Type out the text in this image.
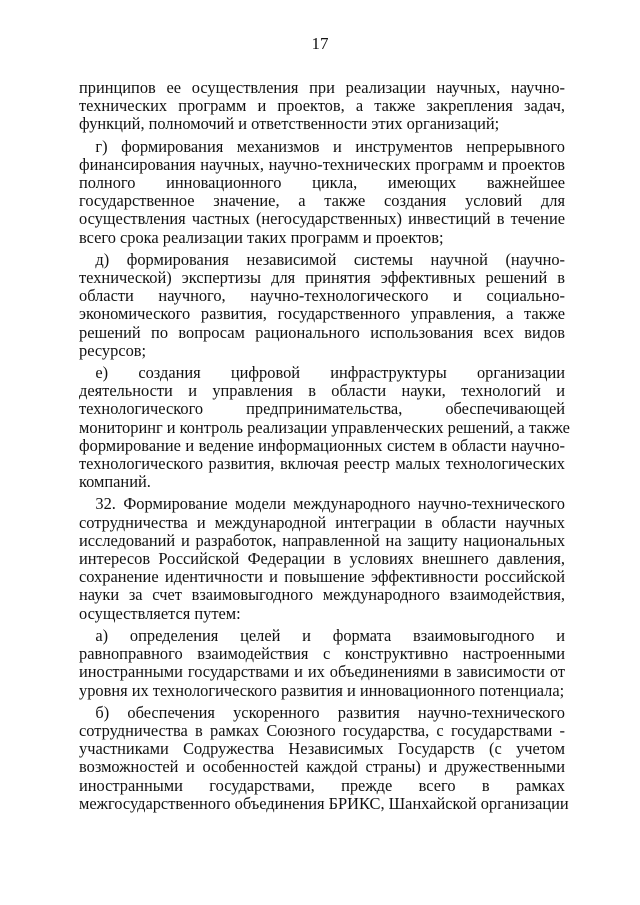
17
принципов ее осуществления при реализации научных, научно-
технических программ и проектов, а также закрепления задач,
функций, полномочий и ответственности этих организаций;
г) формирования механизмов и инструментов непрерывного
финансирования научных, научно-технических программ и проектов
полного инновационного цикла, имеющих важнейшее
государственное значение, а также создания условий для
осуществления частных (негосударственных) инвестиций в течение
всего срока реализации таких программ и проектов;
д) формирования независимой системы научной (научно-
технической) экспертизы для принятия эффективных решений в
области научного, научно-технологического и социально-
экономического развития, государственного управления, а также
решений по вопросам рационального использования всех видов
ресурсов;
е) создания цифровой инфраструктуры организации
деятельности и управления в области науки, технологий и
технологического предпринимательства, обеспечивающей
мониторинг и контроль реализации управленческих решений, а также
формирование и ведение информационных систем в области научно-
технологического развития, включая реестр малых технологических
компаний.
32. Формирование модели международного научно-технического
сотрудничества и международной интеграции в области научных
исследований и разработок, направленной на защиту национальных
интересов Российской Федерации в условиях внешнего давления,
сохранение идентичности и повышение эффективности российской
науки за счет взаимовыгодного международного взаимодействия,
осуществляется путем:
а) определения целей и формата взаимовыгодного и
равноправного взаимодействия с конструктивно настроенными
иностранными государствами и их объединениями в зависимости от
уровня их технологического развития и инновационного потенциала;
б) обеспечения ускоренного развития научно-технического
сотрудничества в рамках Союзного государства, с государствами -
участниками Содружества Независимых Государств (с учетом
возможностей и особенностей каждой страны) и дружественными
иностранными государствами, прежде всего в рамках
межгосударственного объединения БРИКС, Шанхайской организации
